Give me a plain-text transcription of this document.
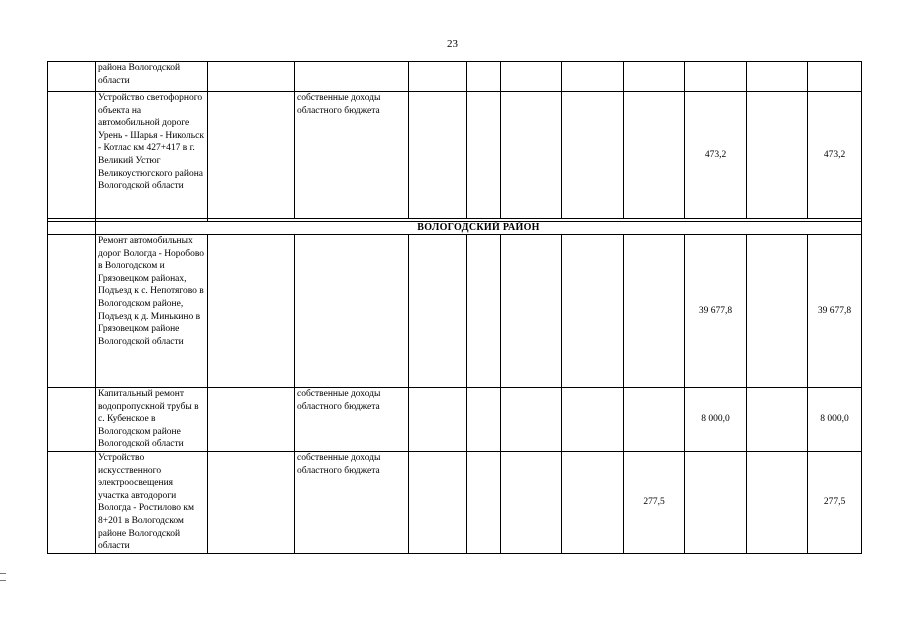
23
	района Вологодской области										
	Устройство светофорного объекта на автомобильной дороге Урень - Шарья - Никольск - Котлас км 427+417 в г. Великий Устюг Великоустюгского района Вологодской области		собственные доходы областного бюджета						473,2		473,2

	ВОЛОГОДСКИЙ РАЙОН										
	Ремонт автомобильных дорог Вологда - Норобово в Вологодском и Грязовецком районах, Подъезд к с. Непотягово в Вологодском районе, Подъезд к д. Минькино в Грязовецком районе Вологодской области								39 677,8		39 677,8
	Капитальный ремонт водопропускной трубы в с. Кубенское в Вологодском районе Вологодской области		собственные доходы областного бюджета						8 000,0		8 000,0
	Устройство искусственного электроосвещения участка автодороги Вологда - Ростилово км 8+201 в Вологодском районе Вологодской области		собственные доходы областного бюджета					277,5			277,5
